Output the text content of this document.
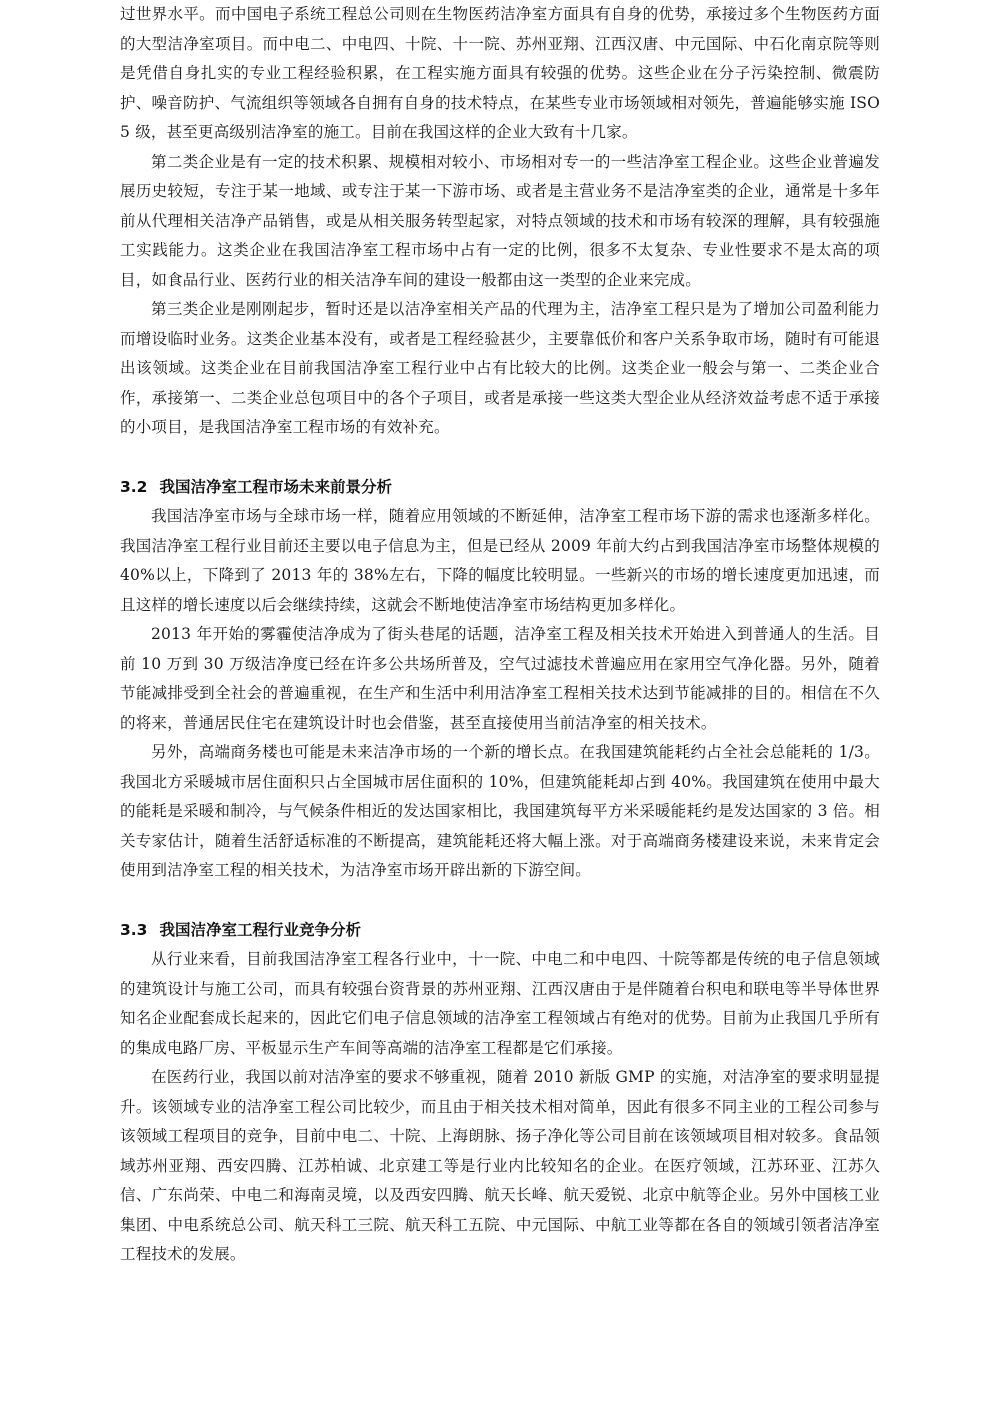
过世界水平。而中国电子系统工程总公司则在生物医药洁净室方面具有自身的优势，承接过多个生物医药方面的大型洁净室项目。而中电二、中电四、十院、十一院、苏州亚翔、江西汉唐、中元国际、中石化南京院等则是凭借自身扎实的专业工程经验积累，在工程实施方面具有较强的优势。这些企业在分子污染控制、微震防护、噪音防护、气流组织等领域各自拥有自身的技术特点，在某些专业市场领域相对领先，普遍能够实施 ISO 5 级，甚至更高级别洁净室的施工。目前在我国这样的企业大致有十几家。

第二类企业是有一定的技术积累、规模相对较小、市场相对专一的一些洁净室工程企业。这些企业普遍发展历史较短，专注于某一地域、或专注于某一下游市场、或者是主营业务不是洁净室类的企业，通常是十多年前从代理相关洁净产品销售，或是从相关服务转型起家，对特点领域的技术和市场有较深的理解，具有较强施工实践能力。这类企业在我国洁净室工程市场中占有一定的比例，很多不太复杂、专业性要求不是太高的项目，如食品行业、医药行业的相关洁净车间的建设一般都由这一类型的企业来完成。

第三类企业是刚刚起步，暂时还是以洁净室相关产品的代理为主，洁净室工程只是为了增加公司盈利能力而增设临时业务。这类企业基本没有，或者是工程经验甚少，主要靠低价和客户关系争取市场，随时有可能退出该领域。这类企业在目前我国洁净室工程行业中占有比较大的比例。这类企业一般会与第一、二类企业合作，承接第一、二类企业总包项目中的各个子项目，或者是承接一些这类大型企业从经济效益考虑不适于承接的小项目，是我国洁净室工程市场的有效补充。

3.2 我国洁净室工程市场未来前景分析

我国洁净室市场与全球市场一样，随着应用领域的不断延伸，洁净室工程市场下游的需求也逐渐多样化。我国洁净室工程行业目前还主要以电子信息为主，但是已经从 2009 年前大约占到我国洁净室市场整体规模的 40%以上，下降到了 2013 年的 38%左右，下降的幅度比较明显。一些新兴的市场的增长速度更加迅速，而且这样的增长速度以后会继续持续，这就会不断地使洁净室市场结构更加多样化。

2013 年开始的雾霾使洁净成为了街头巷尾的话题，洁净室工程及相关技术开始进入到普通人的生活。目前 10 万到 30 万级洁净度已经在许多公共场所普及，空气过滤技术普遍应用在家用空气净化器。另外，随着节能减排受到全社会的普遍重视，在生产和生活中利用洁净室工程相关技术达到节能减排的目的。相信在不久的将来，普通居民住宅在建筑设计时也会借鉴，甚至直接使用当前洁净室的相关技术。

另外，高端商务楼也可能是未来洁净市场的一个新的增长点。在我国建筑能耗约占全社会总能耗的 1/3。我国北方采暖城市居住面积只占全国城市居住面积的 10%，但建筑能耗却占到 40%。我国建筑在使用中最大的能耗是采暖和制冷，与气候条件相近的发达国家相比，我国建筑每平方米采暖能耗约是发达国家的 3 倍。相关专家估计，随着生活舒适标准的不断提高，建筑能耗还将大幅上涨。对于高端商务楼建设来说，未来肯定会使用到洁净室工程的相关技术，为洁净室市场开辟出新的下游空间。

3.3 我国洁净室工程行业竞争分析

从行业来看，目前我国洁净室工程各行业中，十一院、中电二和中电四、十院等都是传统的电子信息领域的建筑设计与施工公司，而具有较强台资背景的苏州亚翔、江西汉唐由于是伴随着台积电和联电等半导体世界知名企业配套成长起来的，因此它们电子信息领域的洁净室工程领域占有绝对的优势。目前为止我国几乎所有的集成电路厂房、平板显示生产车间等高端的洁净室工程都是它们承接。

在医药行业，我国以前对洁净室的要求不够重视，随着 2010 新版 GMP 的实施，对洁净室的要求明显提升。该领域专业的洁净室工程公司比较少，而且由于相关技术相对简单，因此有很多不同主业的工程公司参与该领域工程项目的竞争，目前中电二、十院、上海朗脉、扬子净化等公司目前在该领域项目相对较多。食品领域苏州亚翔、西安四腾、江苏柏诚、北京建工等是行业内比较知名的企业。在医疗领域，江苏环亚、江苏久信、广东尚荣、中电二和海南灵境，以及西安四腾、航天长峰、航天爱锐、北京中航等企业。另外中国核工业集团、中电系统总公司、航天科工三院、航天科工五院、中元国际、中航工业等都在各自的领域引领者洁净室工程技术的发展。
